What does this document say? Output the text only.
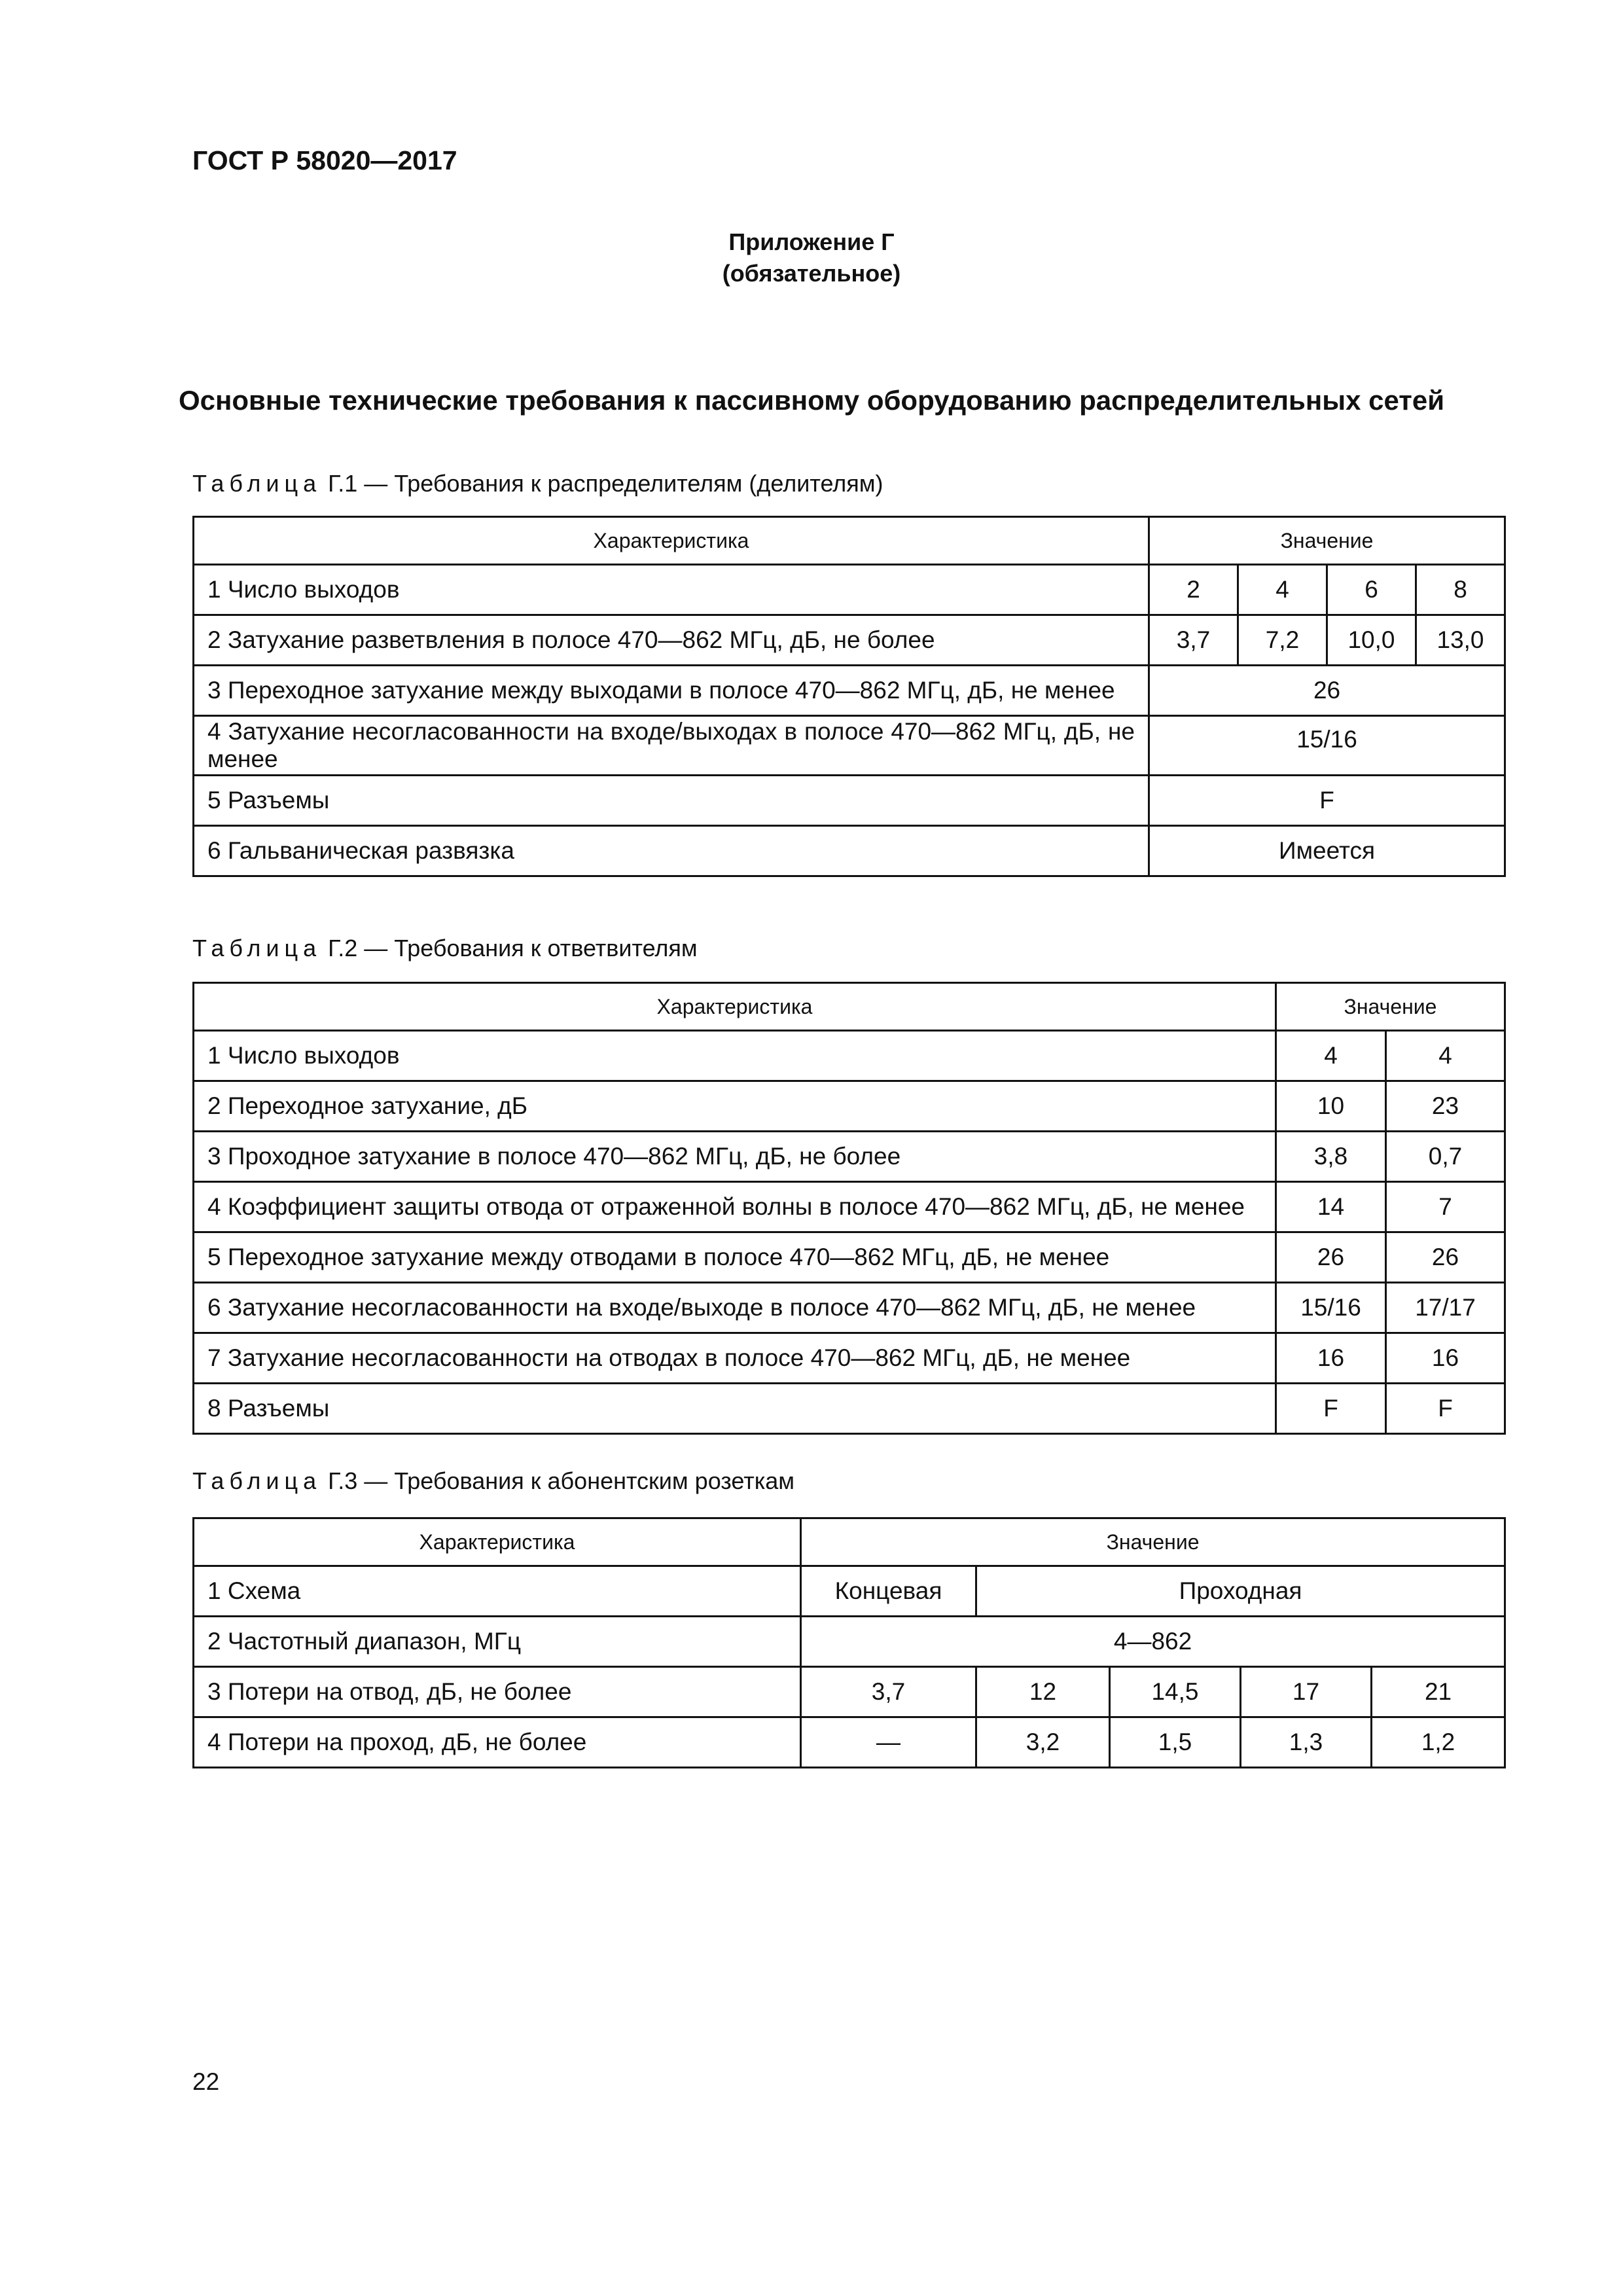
ГОСТ Р 58020—2017
Приложение Г
(обязательное)
Основные технические требования к пассивному оборудованию распределительных сетей
Таблица Г.1 — Требования к распределителям (делителям)
Характеристика	Значение			
1 Число выходов	2	4	6	8
2 Затухание разветвления в полосе 470—862 МГц, дБ, не более	3,7	7,2	10,0	13,0
3 Переходное затухание между выходами в полосе 470—862 МГц, дБ, не менее	26			
4 Затухание несогласованности на входе/выходах в полосе 470—862 МГц, дБ, не менее	15/16			
5 Разъемы	F			
6 Гальваническая развязка	Имеется			
Таблица Г.2 — Требования к ответвителям
Характеристика	Значение	
1 Число выходов	4	4
2 Переходное затухание, дБ	10	23
3 Проходное затухание в полосе 470—862 МГц, дБ, не более	3,8	0,7
4 Коэффициент защиты отвода от отраженной волны в полосе 470—862 МГц, дБ, не менее	14	7
5 Переходное затухание между отводами в полосе 470—862 МГц, дБ, не менее	26	26
6 Затухание несогласованности на входе/выходе в полосе 470—862 МГц, дБ, не менее	15/16	17/17
7 Затухание несогласованности на отводах в полосе 470—862 МГц, дБ, не менее	16	16
8 Разъемы	F	F
Таблица Г.3 — Требования к абонентским розеткам
Характеристика	Значение				
1 Схема	Концевая	Проходная			
2 Частотный диапазон, МГц	4—862				
3 Потери на отвод, дБ, не более	3,7	12	14,5	17	21
4 Потери на проход, дБ, не более	—	3,2	1,5	1,3	1,2
22
